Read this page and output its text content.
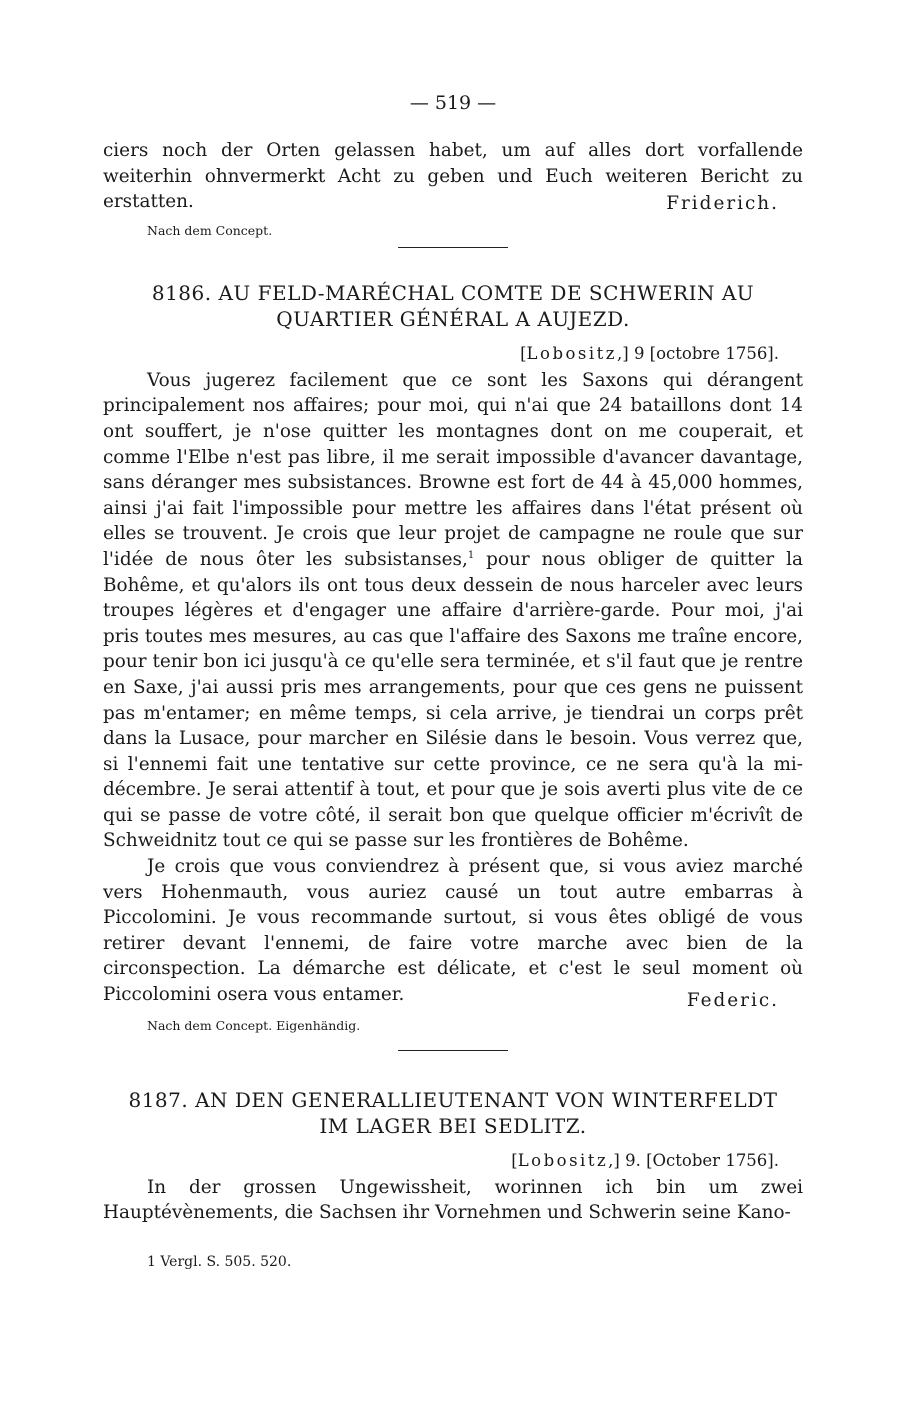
— 519 —

ciers noch der Orten gelassen habet, um auf alles dort vorfallende weiterhin ohnvermerkt Acht zu geben und Euch weiteren Bericht zu erstatten.	Friderich.
Nach dem Concept.
8186. AU FELD-MARÉCHAL COMTE DE SCHWERIN AU
QUARTIER GÉNÉRAL A AUJEZD.
[Lobositz,] 9 [octobre 1756].

Vous jugerez facilement que ce sont les Saxons qui dérangent principalement nos affaires; pour moi, qui n'ai que 24 bataillons dont 14 ont souffert, je n'ose quitter les montagnes dont on me couperait, et comme l'Elbe n'est pas libre, il me serait impossible d'avancer davantage, sans déranger mes subsistances. Browne est fort de 44 à 45,000 hommes, ainsi j'ai fait l'impossible pour mettre les affaires dans l'état présent où elles se trouvent. Je crois que leur projet de campagne ne roule que sur l'idée de nous ôter les subsistanses,$^1$ pour nous obliger de quitter la Bohême, et qu'alors ils ont tous deux dessein de nous harceler avec leurs troupes légères et d'engager une affaire d'arrière-garde. Pour moi, j'ai pris toutes mes mesures, au cas que l'affaire des Saxons me traîne encore, pour tenir bon ici jusqu'à ce qu'elle sera terminée, et s'il faut que je rentre en Saxe, j'ai aussi pris mes arrangements, pour que ces gens ne puissent pas m'entamer; en même temps, si cela arrive, je tiendrai un corps prêt dans la Lusace, pour marcher en Silésie dans le besoin. Vous verrez que, si l'ennemi fait une tentative sur cette province, ce ne sera qu'à la mi-décembre. Je serai attentif à tout, et pour que je sois averti plus vite de ce qui se passe de votre côté, il serait bon que quelque officier m'écrivît de Schweidnitz tout ce qui se passe sur les frontières de Bohême.

Je crois que vous conviendrez à présent que, si vous aviez marché vers Hohenmauth, vous auriez causé un tout autre embarras à Piccolomini. Je vous recommande surtout, si vous êtes obligé de vous retirer devant l'ennemi, de faire votre marche avec bien de la circonspection. La démarche est délicate, et c'est le seul moment où Piccolomini osera vous entamer.	Federic.
Nach dem Concept. Eigenhändig.
8187. AN DEN GENERALLIEUTENANT VON WINTERFELDT
IM LAGER BEI SEDLITZ.
[Lobositz,] 9. [October 1756].

In der grossen Ungewissheit, worinnen ich bin um zwei Hauptévènements, die Sachsen ihr Vornehmen und Schwerin seine Kano-

1 Vergl. S. 505. 520.
